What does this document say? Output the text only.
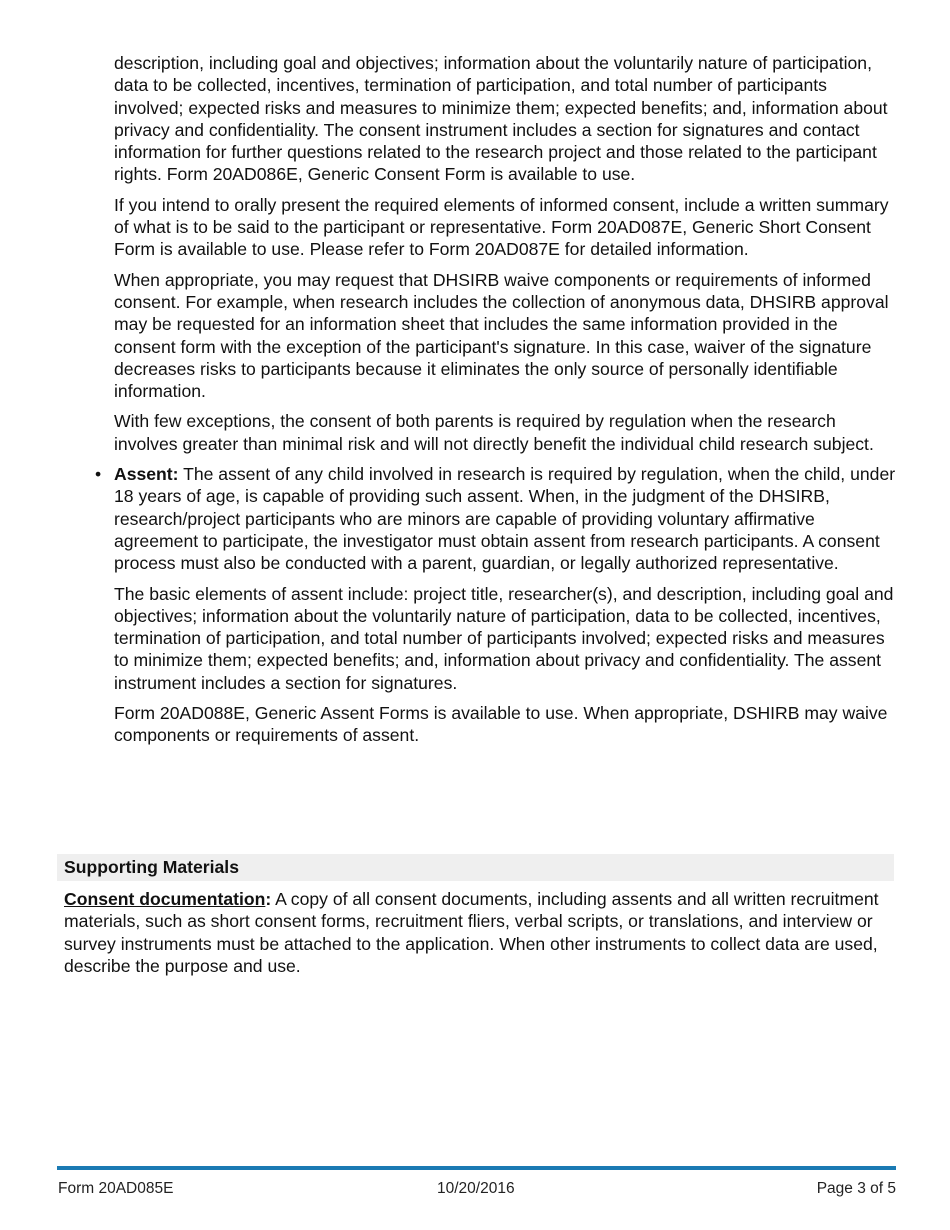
description, including goal and objectives; information about the voluntarily nature of participation, data to be collected, incentives, termination of participation, and total number of participants involved; expected risks and measures to minimize them; expected benefits; and, information about privacy and confidentiality. The consent instrument includes a section for signatures and contact information for further questions related to the research project and those related to the participant rights. Form 20AD086E, Generic Consent Form is available to use.

If you intend to orally present the required elements of informed consent, include a written summary of what is to be said to the participant or representative. Form 20AD087E, Generic Short Consent Form is available to use. Please refer to Form 20AD087E for detailed information.

When appropriate, you may request that DHSIRB waive components or requirements of informed consent. For example, when research includes the collection of anonymous data, DHSIRB approval may be requested for an information sheet that includes the same information provided in the consent form with the exception of the participant's signature. In this case, waiver of the signature decreases risks to participants because it eliminates the only source of personally identifiable information.

With few exceptions, the consent of both parents is required by regulation when the research involves greater than minimal risk and will not directly benefit the individual child research subject.

• Assent: The assent of any child involved in research is required by regulation, when the child, under 18 years of age, is capable of providing such assent. When, in the judgment of the DHSIRB, research/project participants who are minors are capable of providing voluntary affirmative agreement to participate, the investigator must obtain assent from research participants. A consent process must also be conducted with a parent, guardian, or legally authorized representative.

The basic elements of assent include: project title, researcher(s), and description, including goal and objectives; information about the voluntarily nature of participation, data to be collected, incentives, termination of participation, and total number of participants involved; expected risks and measures to minimize them; expected benefits; and, information about privacy and confidentiality. The assent instrument includes a section for signatures.

Form 20AD088E, Generic Assent Forms is available to use. When appropriate, DSHIRB may waive components or requirements of assent.

Supporting Materials

Consent documentation: A copy of all consent documents, including assents and all written recruitment materials, such as short consent forms, recruitment fliers, verbal scripts, or translations, and interview or survey instruments must be attached to the application. When other instruments to collect data are used, describe the purpose and use.

Form 20AD085E	10/20/2016	Page 3 of 5
